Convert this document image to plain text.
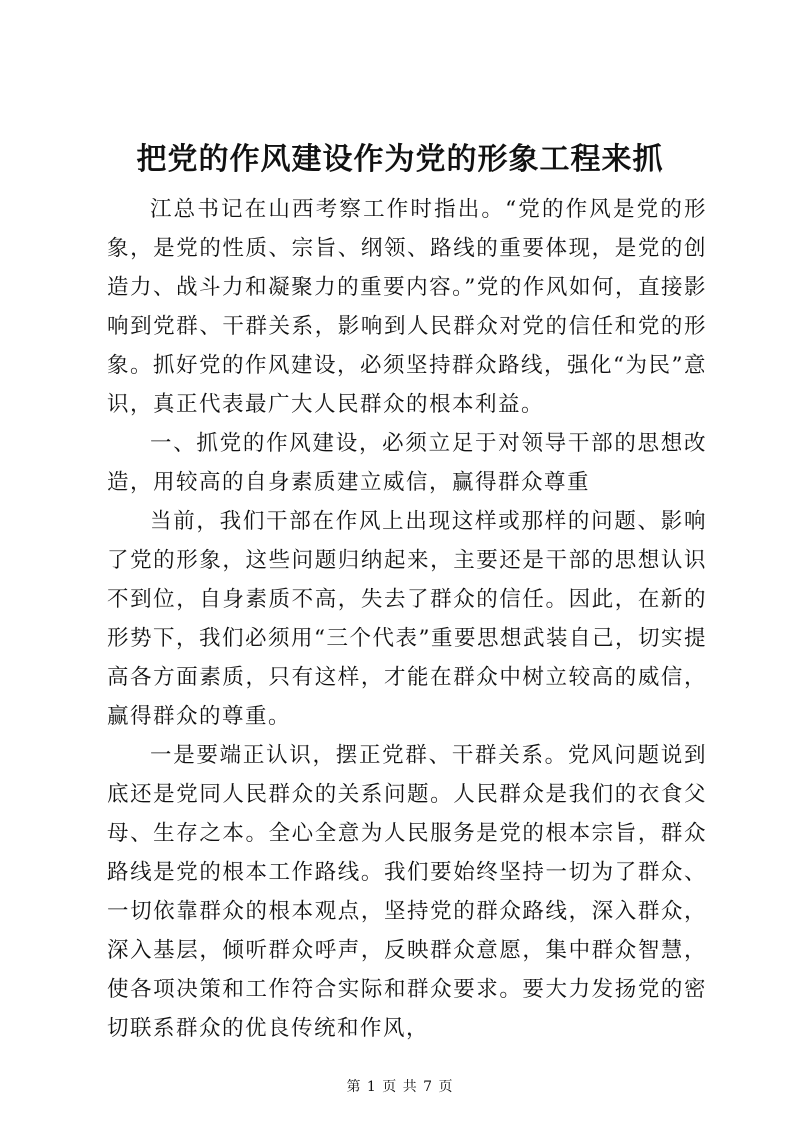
把党的作风建设作为党的形象工程来抓

江总书记在山西考察工作时指出。“党的作风是党的形象，是党的性质、宗旨、纲领、路线的重要体现，是党的创造力、战斗力和凝聚力的重要内容。”党的作风如何，直接影响到党群、干群关系，影响到人民群众对党的信任和党的形象。抓好党的作风建设，必须坚持群众路线，强化“为民”意识，真正代表最广大人民群众的根本利益。

一、抓党的作风建设，必须立足于对领导干部的思想改造，用较高的自身素质建立威信，赢得群众尊重

当前，我们干部在作风上出现这样或那样的问题、影响了党的形象，这些问题归纳起来，主要还是干部的思想认识不到位，自身素质不高，失去了群众的信任。因此，在新的形势下，我们必须用“三个代表”重要思想武装自己，切实提高各方面素质，只有这样，才能在群众中树立较高的威信，赢得群众的尊重。

一是要端正认识，摆正党群、干群关系。党风问题说到底还是党同人民群众的关系问题。人民群众是我们的衣食父母、生存之本。全心全意为人民服务是党的根本宗旨，群众路线是党的根本工作路线。我们要始终坚持一切为了群众、一切依靠群众的根本观点，坚持党的群众路线，深入群众，深入基层，倾听群众呼声，反映群众意愿，集中群众智慧，使各项决策和工作符合实际和群众要求。要大力发扬党的密切联系群众的优良传统和作风，

第 1 页 共 7 页
